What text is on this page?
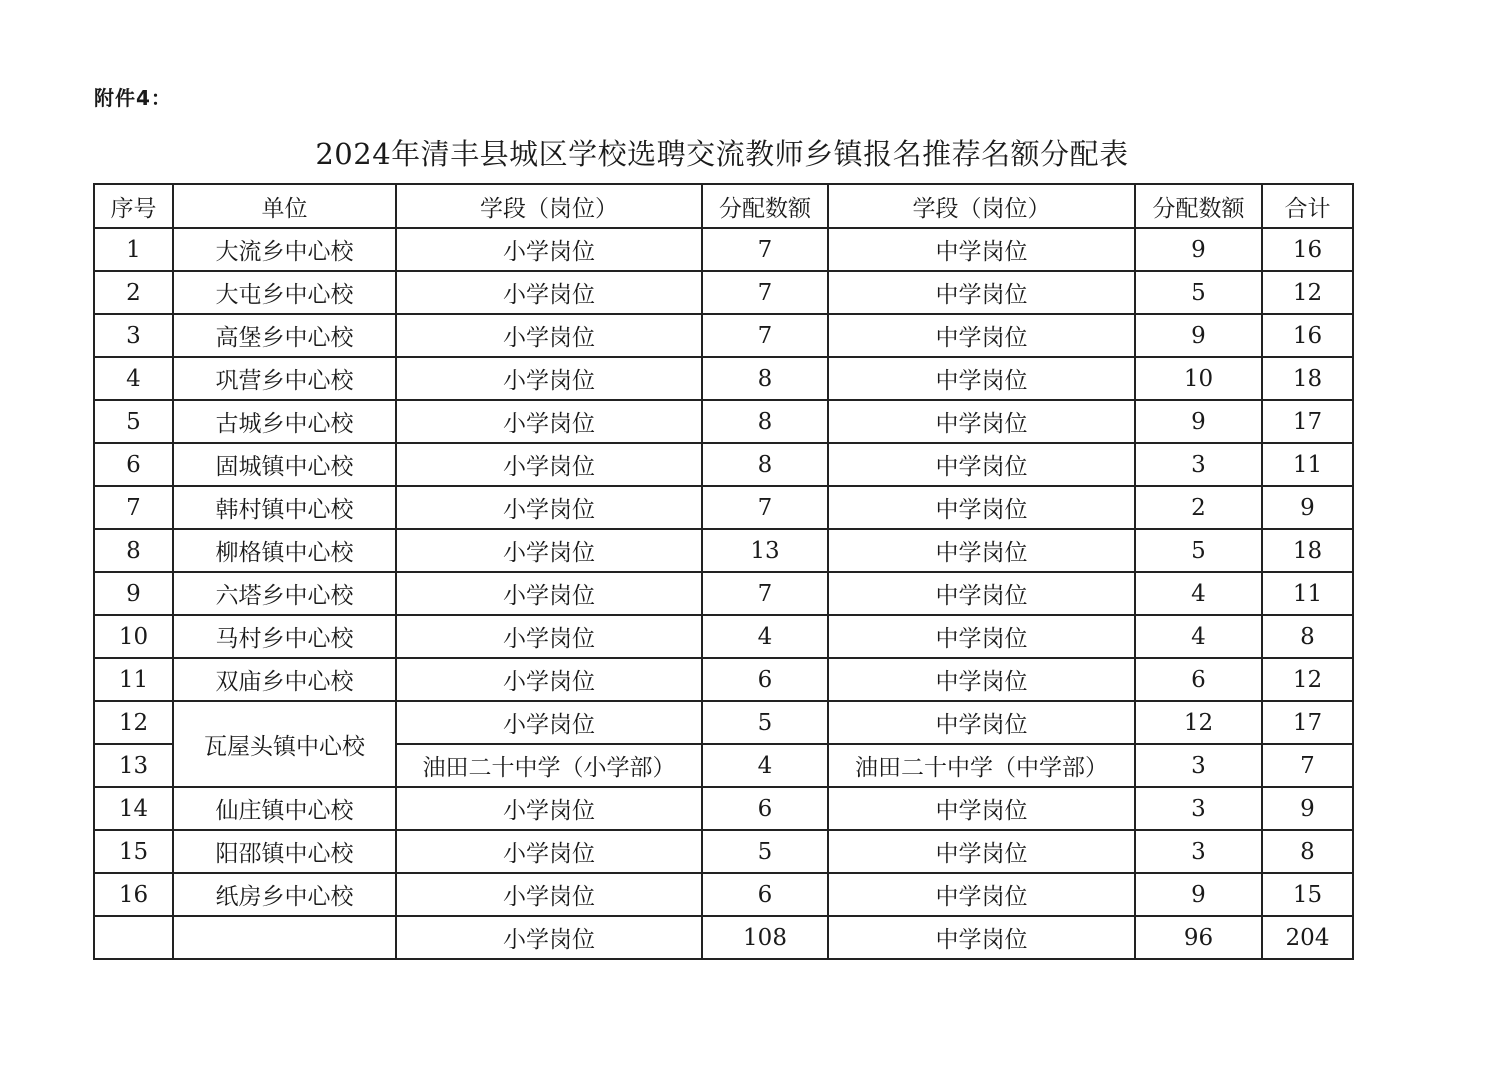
附件4：
2024年清丰县城区学校选聘交流教师乡镇报名推荐名额分配表
序号	单位	学段（岗位）	分配数额	学段（岗位）	分配数额	合计
1	大流乡中心校	小学岗位	7	中学岗位	9	16
2	大屯乡中心校	小学岗位	7	中学岗位	5	12
3	高堡乡中心校	小学岗位	7	中学岗位	9	16
4	巩营乡中心校	小学岗位	8	中学岗位	10	18
5	古城乡中心校	小学岗位	8	中学岗位	9	17
6	固城镇中心校	小学岗位	8	中学岗位	3	11
7	韩村镇中心校	小学岗位	7	中学岗位	2	9
8	柳格镇中心校	小学岗位	13	中学岗位	5	18
9	六塔乡中心校	小学岗位	7	中学岗位	4	11
10	马村乡中心校	小学岗位	4	中学岗位	4	8
11	双庙乡中心校	小学岗位	6	中学岗位	6	12
12	瓦屋头镇中心校	小学岗位	5	中学岗位	12	17
13		油田二十中学（小学部）	4	油田二十中学（中学部）	3	7
14	仙庄镇中心校	小学岗位	6	中学岗位	3	9
15	阳邵镇中心校	小学岗位	5	中学岗位	3	8
16	纸房乡中心校	小学岗位	6	中学岗位	9	15
		小学岗位	108	中学岗位	96	204
